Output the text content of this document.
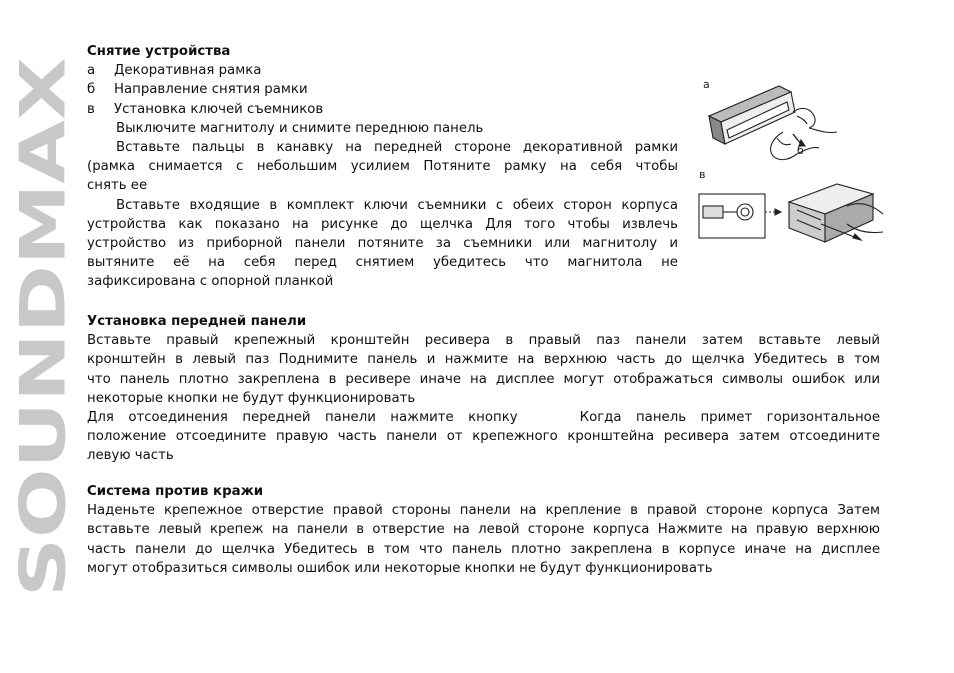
SOUNDMAX
Снятие устройства
а Декоративная рамка
б Направление снятия рамки
в Установка ключей съемников
Выключите магнитолу и снимите переднюю панель
Вставьте пальцы в канавку на передней стороне декоративной рамки
(рамка снимается с небольшим усилием Потяните рамку на себя чтобы
снять ее
Вставьте входящие в комплект ключи съемники с обеих сторон корпуса
устройства как показано на рисунке до щелчка Для того чтобы извлечь
устройство из приборной панели потяните за съемники или магнитолу и
вытяните её на себя перед снятием убедитесь что магнитола не
зафиксирована с опорной планкой
а
б
в
Установка передней панели
Вставьте правый крепежный кронштейн ресивера в правый паз панели затем вставьте левый
кронштейн в левый паз Поднимите панель и нажмите на верхнюю часть до щелчка Убедитесь в том
что панель плотно закреплена в ресивере иначе на дисплее могут отображаться символы ошибок или
некоторые кнопки не будут функционировать
Для отсоединения передней панели нажмите кнопку	Когда панель примет горизонтальное
положение отсоедините правую часть панели от крепежного кронштейна ресивера затем отсоедините
левую часть
Система против кражи
Наденьте крепежное отверстие правой стороны панели на крепление в правой стороне корпуса Затем
вставьте левый крепеж на панели в отверстие на левой стороне корпуса Нажмите на правую верхнюю
часть панели до щелчка Убедитесь в том что панель плотно закреплена в корпусе иначе на дисплее
могут отобразиться символы ошибок или некоторые кнопки не будут функционировать
